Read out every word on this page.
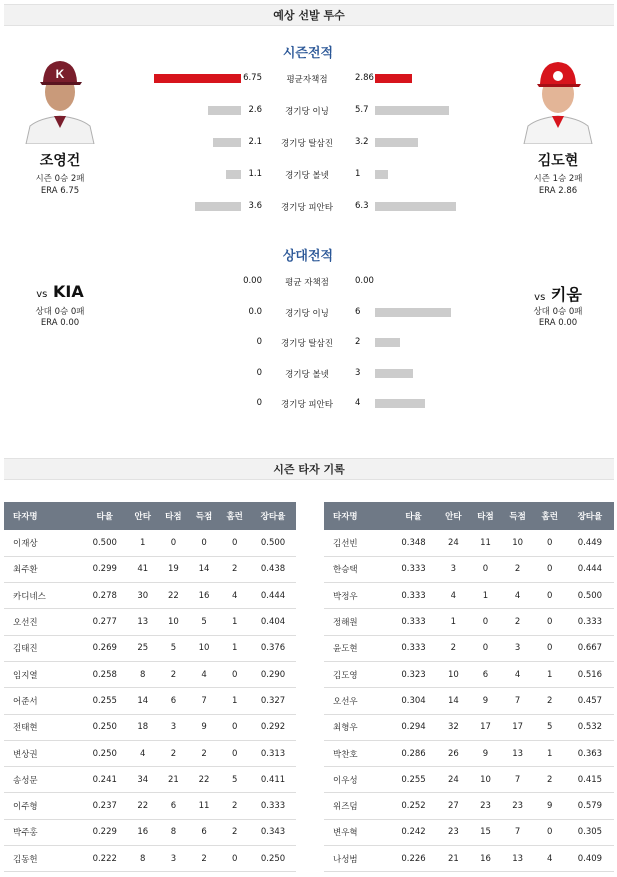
예상 선발 투수
K
조영건
시즌 0승 2패
ERA 6.75
김도현
시즌 1승 2패
ERA 2.86
시즌전적
평균자책점
6.75	2.86
경기당 이닝
2.6	5.7
경기당 탈삼진
2.1	3.2
경기당 볼넷
1.1	1
경기당 피안타
3.6	6.3
상대전적
vs KIA
상대 0승 0패
ERA 0.00
vs 키움
상대 0승 0패
ERA 0.00
평균 자책점
0.00	0.00
경기당 이닝
0.0	6
경기당 탈삼진
0	2
경기당 볼넷
0	3
경기당 피안타
0	4
시즌 타자 기록
타자명	타율	안타	타점	득점	홈런	장타율
이재상	0.500	1	0	0	0	0.500
최주환	0.299	41	19	14	2	0.438
카디네스	0.278	30	22	16	4	0.444
오선진	0.277	13	10	5	1	0.404
김태진	0.269	25	5	10	1	0.376
임지열	0.258	8	2	4	0	0.290
어준서	0.255	14	6	7	1	0.327
전태현	0.250	18	3	9	0	0.292
변상권	0.250	4	2	2	0	0.313
송성문	0.241	34	21	22	5	0.411
이주형	0.237	22	6	11	2	0.333
박주홍	0.229	16	8	6	2	0.343
김동헌	0.222	8	3	2	0	0.250
타자명	타율	안타	타점	득점	홈런	장타율
김선빈	0.348	24	11	10	0	0.449
한승택	0.333	3	0	2	0	0.444
박정우	0.333	4	1	4	0	0.500
정해원	0.333	1	0	2	0	0.333
윤도현	0.333	2	0	3	0	0.667
김도영	0.323	10	6	4	1	0.516
오선우	0.304	14	9	7	2	0.457
최형우	0.294	32	17	17	5	0.532
박찬호	0.286	26	9	13	1	0.363
이우성	0.255	24	10	7	2	0.415
위즈덤	0.252	27	23	23	9	0.579
변우혁	0.242	23	15	7	0	0.305
나성범	0.226	21	16	13	4	0.409
